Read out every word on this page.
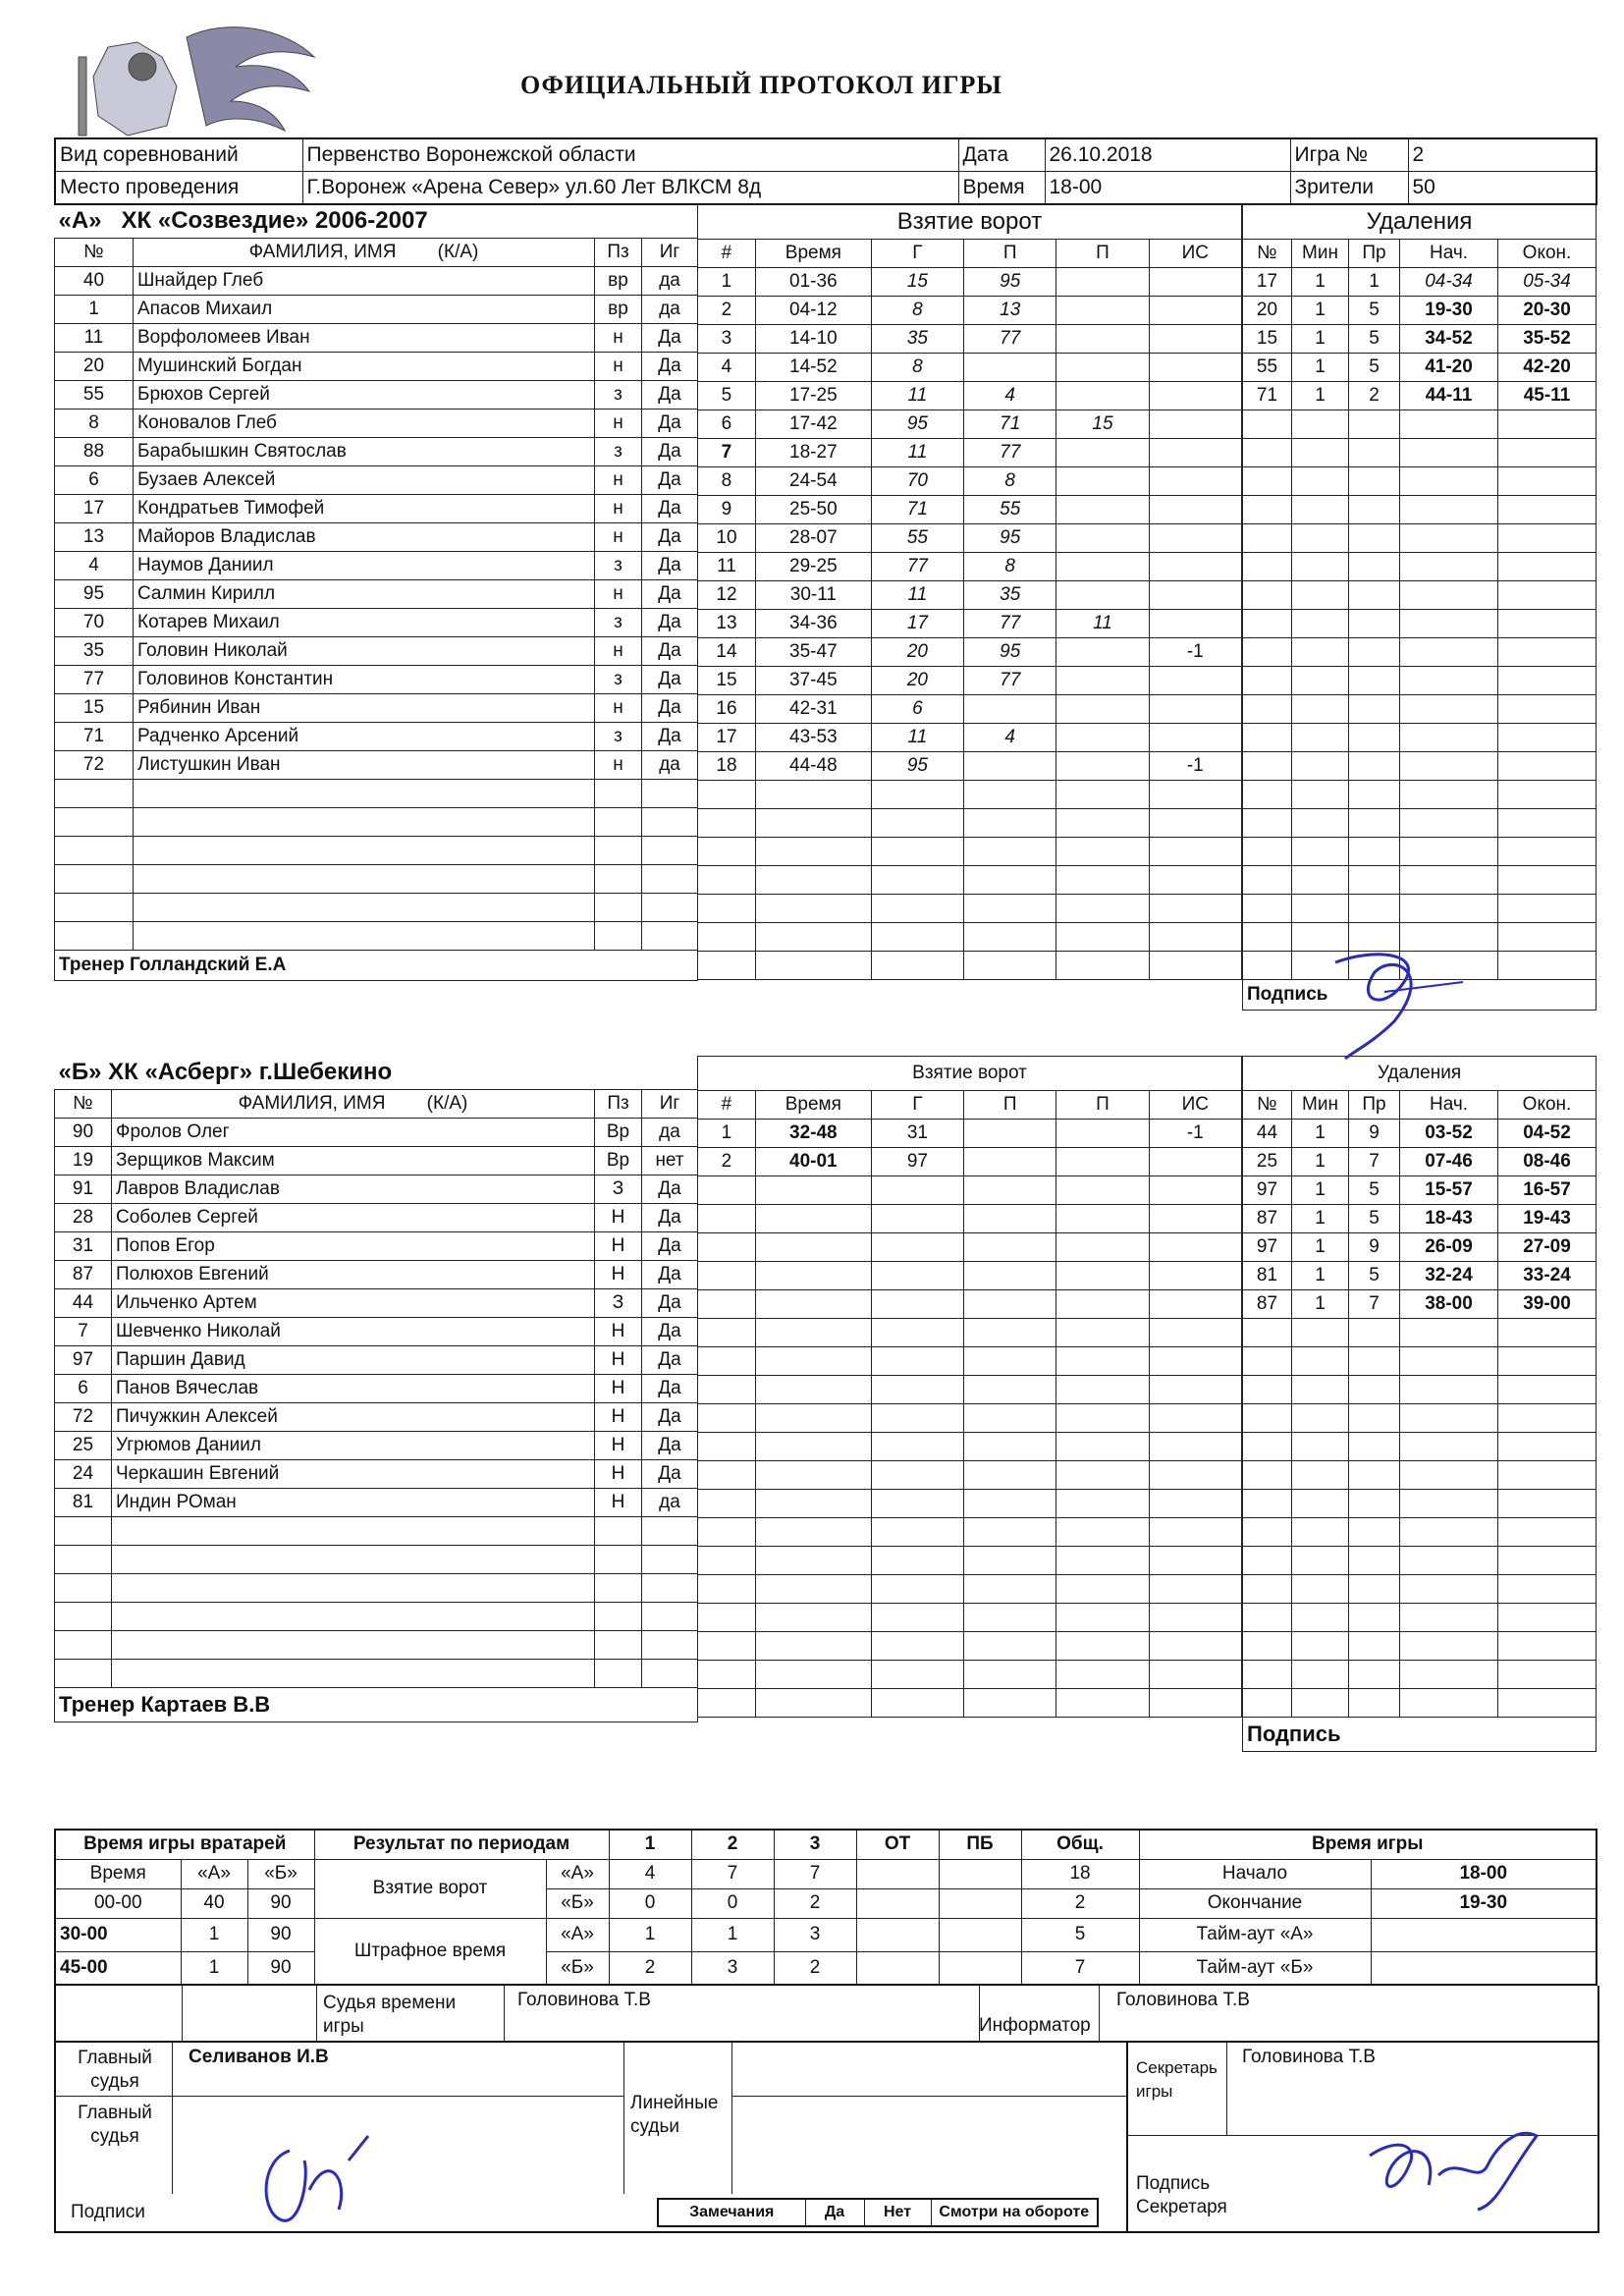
ОФИЦИАЛЬНЫЙ ПРОТОКОЛ ИГРЫ
Вид соревнований	Первенство Воронежской области	Дата	26.10.2018	Игра №	2
Место проведения	Г.Воронеж «Арена Север» ул.60 Лет ВЛКСМ 8д	Время	18-00	Зрители	50
«А» ХК «Созвездие» 2006-2007			
№	ФАМИЛИЯ, ИМЯ (К/А)	Пз	Иг
40	Шнайдер Глеб	вр	да
1	Апасов Михаил	вр	да
11	Ворфоломеев Иван	н	Да
20	Мушинский Богдан	н	Да
55	Брюхов Сергей	з	Да
8	Коновалов Глеб	н	Да
88	Барабышкин Святослав	з	Да
6	Бузаев Алексей	н	Да
17	Кондратьев Тимофей	н	Да
13	Майоров Владислав	н	Да
4	Наумов Даниил	з	Да
95	Салмин Кирилл	н	Да
70	Котарев Михаил	з	Да
35	Головин Николай	н	Да
77	Головинов Константин	з	Да
15	Рябинин Иван	н	Да
71	Радченко Арсений	з	Да
72	Листушкин Иван	н	да

Тренер Голландский Е.А			
Взятие ворот					
#	Время	Г	П	П	ИС
1	01-36	15	95		
2	04-12	8	13		
3	14-10	35	77		
4	14-52	8			
5	17-25	11	4		
6	17-42	95	71	15	
7	18-27	11	77		
8	24-54	70	8		
9	25-50	71	55		
10	28-07	55	95		
11	29-25	77	8		
12	30-11	11	35		
13	34-36	17	77	11	
14	35-47	20	95		-1
15	37-45	20	77		
16	42-31	6			
17	43-53	11	4		
18	44-48	95			-1

Удаления				
№	Мин	Пр	Нач.	Окон.
17	1	1	04-34	05-34
20	1	5	19-30	20-30
15	1	5	34-52	35-52
55	1	5	41-20	42-20
71	1	2	44-11	45-11

Подпись				
«Б» ХК «Асберг» г.Шебекино			
№	ФАМИЛИЯ, ИМЯ (К/А)	Пз	Иг
90	Фролов Олег	Вр	да
19	Зерщиков Максим	Вр	нет
91	Лавров Владислав	З	Да
28	Соболев Сергей	Н	Да
31	Попов Егор	Н	Да
87	Полюхов Евгений	Н	Да
44	Ильченко Артем	З	Да
7	Шевченко Николай	Н	Да
97	Паршин Давид	Н	Да
6	Панов Вячеслав	Н	Да
72	Пичужкин Алексей	Н	Да
25	Угрюмов Даниил	Н	Да
24	Черкашин Евгений	Н	Да
81	Индин РОман	Н	да

Тренер Картаев В.В			
Взятие ворот					
#	Время	Г	П	П	ИС
1	32-48	31			-1
2	40-01	97			

Удаления				
№	Мин	Пр	Нач.	Окон.
44	1	9	03-52	04-52
25	1	7	07-46	08-46
97	1	5	15-57	16-57
87	1	5	18-43	19-43
97	1	9	26-09	27-09
81	1	5	32-24	33-24
87	1	7	38-00	39-00

Подпись				
Время игры вратарей			Результат по периодам		1	2	3	ОТ	ПБ	Общ.	Время игры	
Время	«А»	«Б»	Взятие ворот	«А»	4	7	7			18	Начало	18-00
00-00	40	90		«Б»	0	0	2			2	Окончание	19-30
30-00	1	90	Штрафное время	«А»	1	1	3			5	Тайм-аут «А»	
45-00	1	90		«Б»	2	3	2			7	Тайм-аут «Б»	
Судья времени игры
Головинова Т.В
Информатор
Головинова Т.В
Главный судья
Селиванов И.В
Главный судья
Линейные судьи
Секретарь игры
Головинова Т.В
Подписи
Подпись Секретаря
Замечания	Да	Нет	Смотри на обороте
